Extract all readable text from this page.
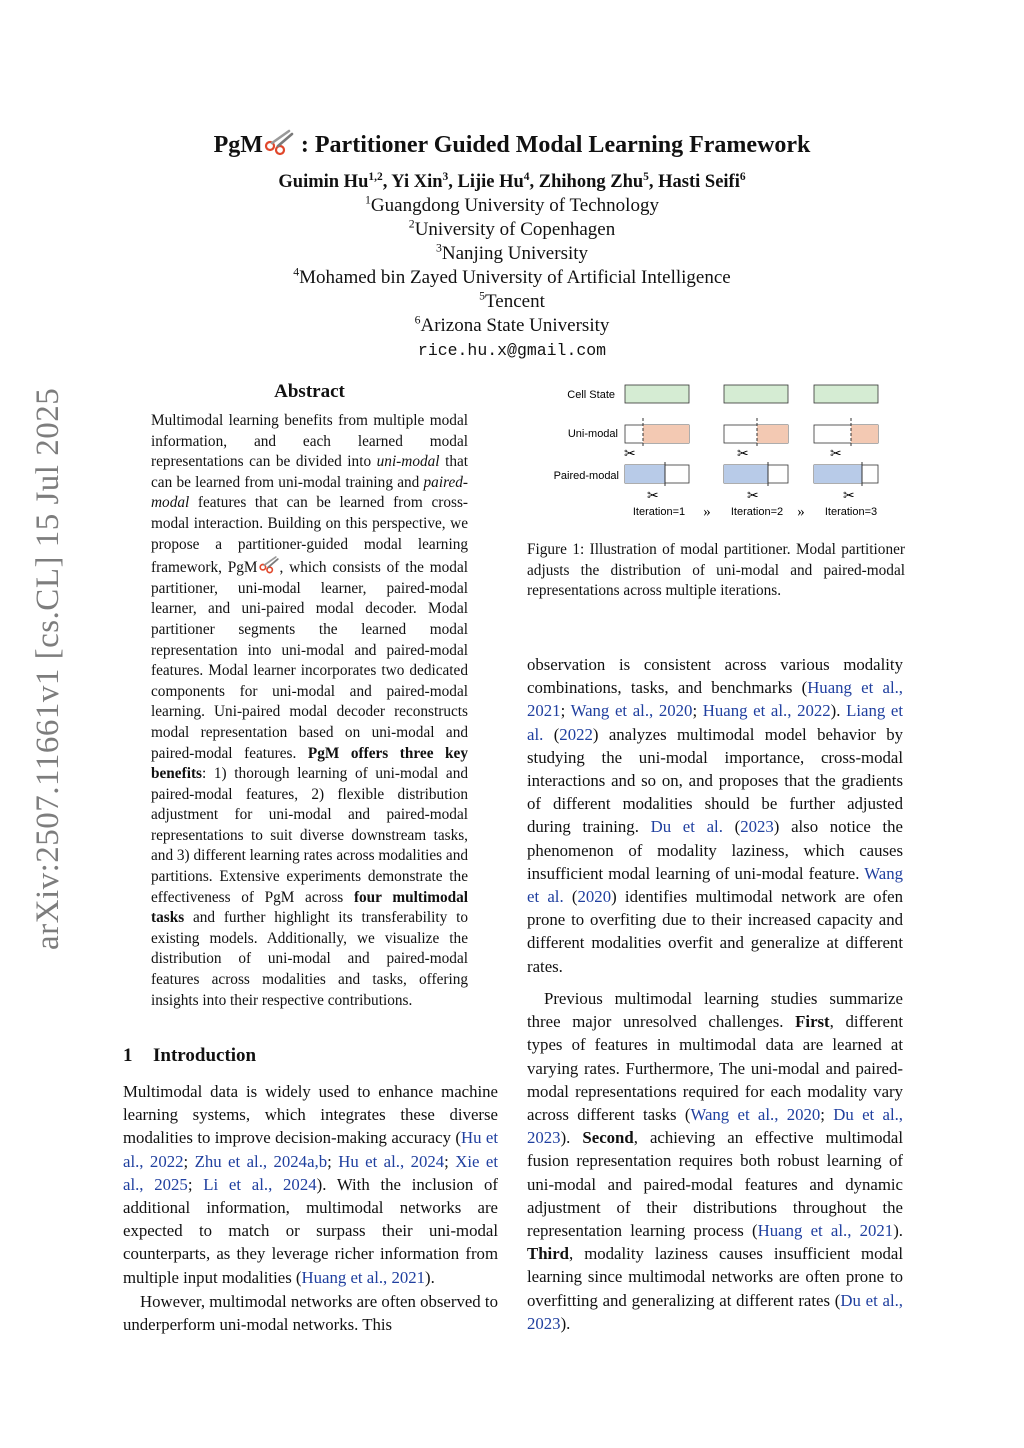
arXiv:2507.11661v1 [cs.CL] 15 Jul 2025
PgM : Partitioner Guided Modal Learning Framework
Guimin Hu$^{1,2}$, Yi Xin$^3$, Lijie Hu$^4$, Zhihong Zhu$^5$, Hasti Seifi$^6$
$^1$Guangdong University of Technology
$^2$University of Copenhagen
$^3$Nanjing University
$^4$Mohamed bin Zayed University of Artificial Intelligence
$^5$Tencent
$^6$Arizona State University
rice.hu.x@gmail.com
Abstract
Multimodal learning benefits from multiple modal information, and each learned modal representations can be divided into uni-modal that can be learned from uni-modal training and paired-modal features that can be learned from cross-modal interaction. Building on this perspective, we propose a partitioner-guided modal learning framework, PgM , which consists of the modal partitioner, uni-modal learner, paired-modal learner, and uni-paired modal decoder. Modal partitioner segments the learned modal representation into uni-modal and paired-modal features. Modal learner incorporates two dedicated components for uni-modal and paired-modal learning. Uni-paired modal decoder reconstructs modal representation based on uni-modal and paired-modal features. PgM offers three key benefits: 1) thorough learning of uni-modal and paired-modal features, 2) flexible distribution adjustment for uni-modal and paired-modal representations to suit diverse downstream tasks, and 3) different learning rates across modalities and partitions. Extensive experiments demonstrate the effectiveness of PgM across four multimodal tasks and further highlight its transferability to existing models. Additionally, we visualize the distribution of uni-modal and paired-modal features across modalities and tasks, offering insights into their respective contributions.
1 Introduction
Multimodal data is widely used to enhance machine learning systems, which integrates these diverse modalities to improve decision-making accuracy (Hu et al., 2022; Zhu et al., 2024a,b; Hu et al., 2024; Xie et al., 2025; Li et al., 2024). With the inclusion of additional information, multimodal networks are expected to match or surpass their uni-modal counterparts, as they leverage richer information from multiple input modalities (Huang et al., 2021).
However, multimodal networks are often observed to underperform uni-modal networks. This
Cell State
Uni-modal
Paired-modal
✂
✂
Iteration=1 »
✂
✂
Iteration=2 »
✂
✂
Iteration=3
Figure 1: Illustration of modal partitioner. Modal partitioner adjusts the distribution of uni-modal and paired-modal representations across multiple iterations.
observation is consistent across various modality combinations, tasks, and benchmarks (Huang et al., 2021; Wang et al., 2020; Huang et al., 2022). Liang et al. (2022) analyzes multimodal model behavior by studying the uni-modal importance, cross-modal interactions and so on, and proposes that the gradients of different modalities should be further adjusted during training. Du et al. (2023) also notice the phenomenon of modality laziness, which causes insufficient modal learning of uni-modal feature. Wang et al. (2020) identifies multimodal network are ofen prone to overfiting due to their increased capacity and different modalities overfit and generalize at different rates.
Previous multimodal learning studies summarize three major unresolved challenges. First, different types of features in multimodal data are learned at varying rates. Furthermore, The uni-modal and paired-modal representations required for each modality vary across different tasks (Wang et al., 2020; Du et al., 2023). Second, achieving an effective multimodal fusion representation requires both robust learning of uni-modal and paired-modal features and dynamic adjustment of their distributions throughout the representation learning process (Huang et al., 2021). Third, modality laziness causes insufficient modal learning since multimodal networks are often prone to overfitting and generalizing at different rates (Du et al., 2023).
